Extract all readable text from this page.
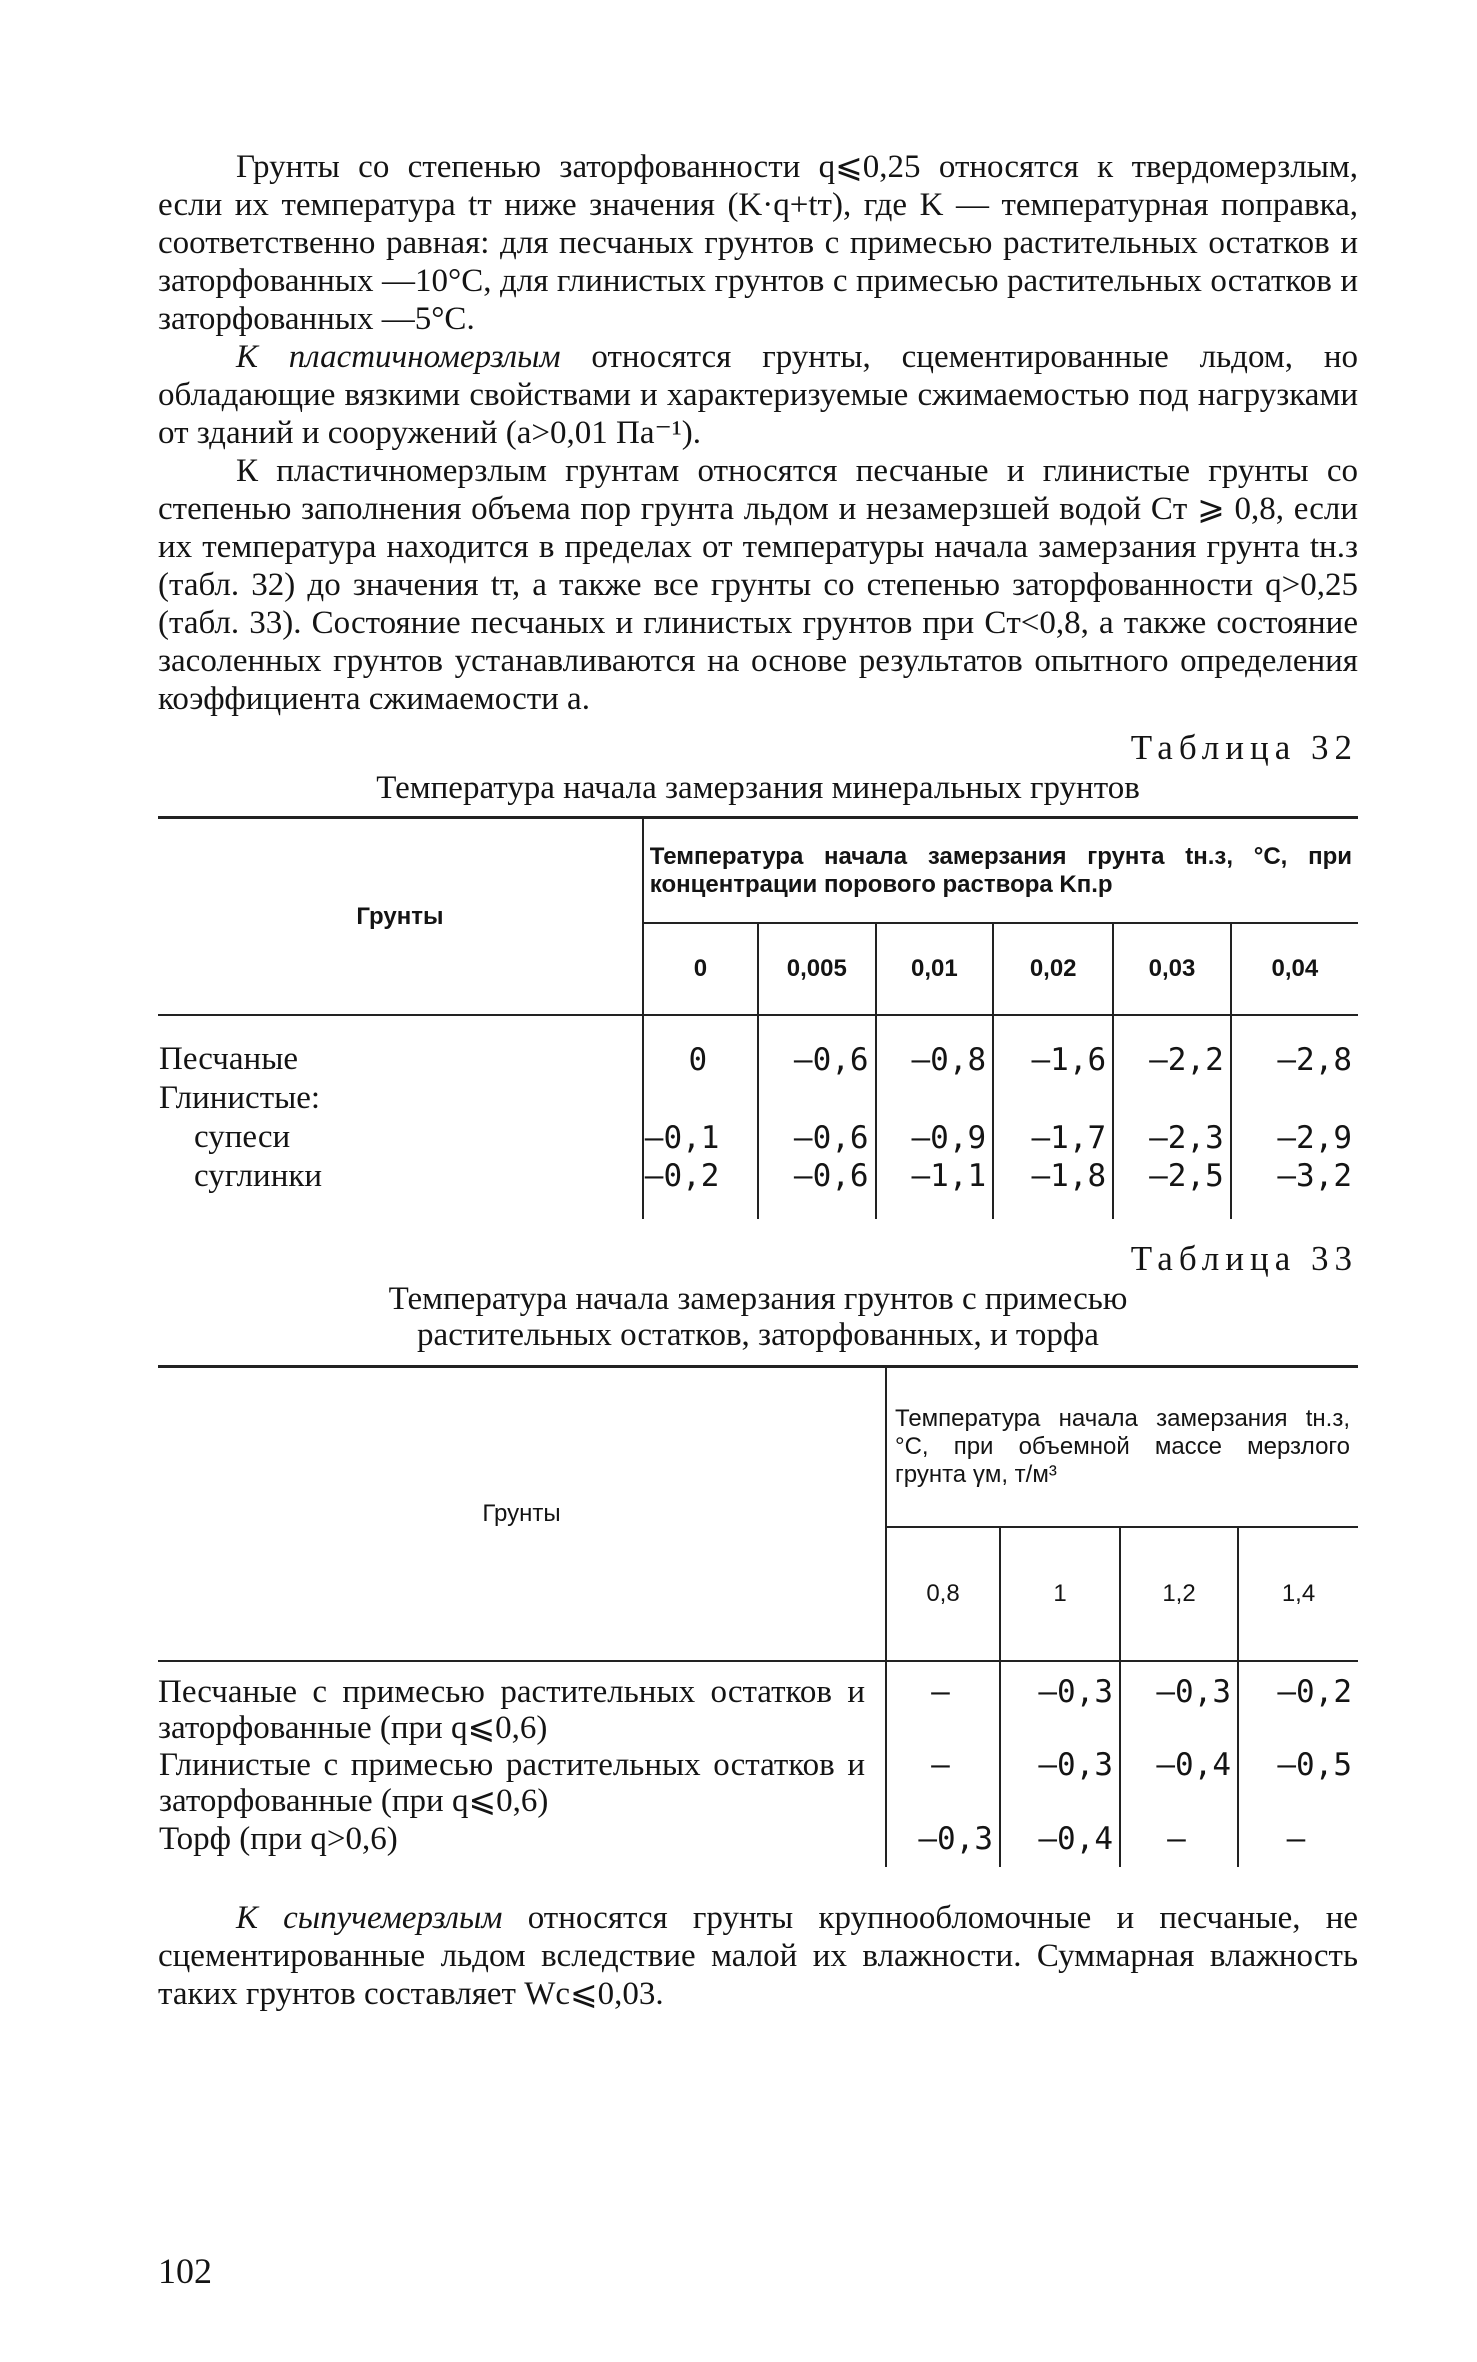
Грунты со степенью заторфованности q⩽0,25 относятся к твердомерзлым, если их температура tт ниже значения (K·q+tт), где K — температурная поправка, соответственно равная: для песчаных грунтов с примесью растительных остатков и заторфованных —10°С, для глинистых грунтов с примесью растительных остатков и заторфованных —5°С.

К пластичномерзлым относятся грунты, сцементированные льдом, но обладающие вязкими свойствами и характеризуемые сжимаемостью под нагрузками от зданий и сооружений (a>0,01 Па⁻¹).

К пластичномерзлым грунтам относятся песчаные и глинистые грунты со степенью заполнения объема пор грунта льдом и незамерзшей водой Cт ⩾ 0,8, если их температура находится в пределах от температуры начала замерзания грунта tн.з (табл. 32) до значения tт, а также все грунты со степенью заторфованности q>0,25 (табл. 33). Состояние песчаных и глинистых грунтов при Cт<0,8, а также состояние засоленных грунтов устанавливаются на основе результатов опытного определения коэффициента сжимаемости a.

Таблица 32
Температура начала замерзания минеральных грунтов
Грунты	Температура начала замерзания грунта tн.з, °С, при концентрации порового раствора Kп.р					
	0	0,005	0,01	0,02	0,03	0,04
Песчаные	0	—0,6	—0,8	—1,6	—2,2	—2,8
Глинистые:						
супеси	—0,1	—0,6	—0,9	—1,7	—2,3	—2,9
суглинки	—0,2	—0,6	—1,1	—1,8	—2,5	—3,2
Таблица 33
Температура начала замерзания грунтов с примесью
растительных остатков, заторфованных, и торфа
Грунты	Температура начала замерзания tн.з, °С, при объемной массе мерзлого грунта γм, т/м³			
	0,8	1	1,2	1,4
Песчаные с примесью растительных остатков и заторфованные (при q⩽0,6)	—	—0,3	—0,3	—0,2
Глинистые с примесью растительных остатков и заторфованные (при q⩽0,6)	—	—0,3	—0,4	—0,5
Торф (при q>0,6)	—0,3	—0,4	—	—

К сыпучемерзлым относятся грунты крупнообломочные и песчаные, не сцементированные льдом вследствие малой их влажности. Суммарная влажность таких грунтов составляет Wс⩽0,03.

102
